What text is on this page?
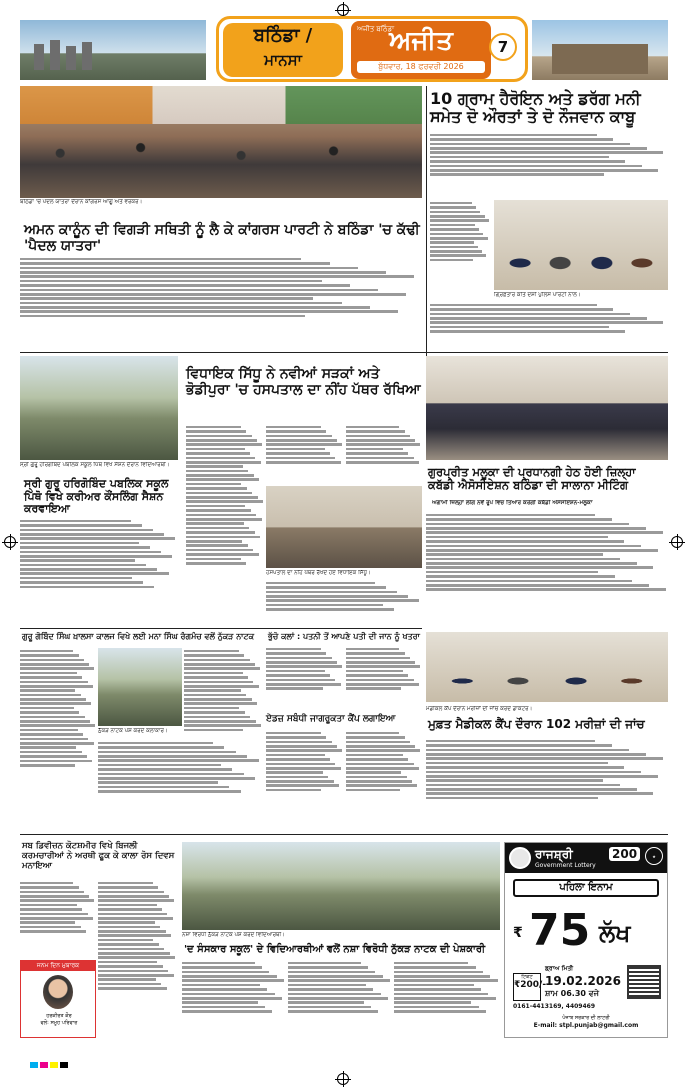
ਬਠਿੰਡਾ /
ਮਾਨਸਾ
ਅਜੀਤ ਬਠਿੰਡਾ
ਅਜੀਤ
ਬੁੱਧਵਾਰ, 18 ਫਰਵਰੀ 2026
7
ਬਠਿੰਡਾ 'ਚ ਪੈਦਲ ਯਾਤਰਾ ਦੌਰਾਨ ਕਾਂਗਰਸ ਆਗੂ ਅਤੇ ਵਰਕਰ।
10 ਗ੍ਰਾਮ ਹੈਰੋਇਨ ਅਤੇ ਡਰੱਗ ਮਨੀ
ਸਮੇਤ ਦੋ ਔਰਤਾਂ ਤੇ ਦੋ ਨੌਜਵਾਨ ਕਾਬੂ
ਗ੍ਰਿਫ਼ਤਾਰ ਕੀਤੇ ਦੋਸ਼ੀ ਪੁਲਿਸ ਪਾਰਟੀ ਨਾਲ।
ਅਮਨ ਕਾਨੂੰਨ ਦੀ ਵਿਗੜੀ ਸਥਿਤੀ ਨੂੰ ਲੈ ਕੇ ਕਾਂਗਰਸ ਪਾਰਟੀ ਨੇ ਬਠਿੰਡਾ 'ਚ ਕੱਢੀ 'ਪੈਦਲ ਯਾਤਰਾ'
ਸ੍ਰੀ ਗੁਰੂ ਹਰਿਗੋਬਿੰਦ ਪਬਲਿਕ ਸਕੂਲ ਪਿੱਥੋ ਵਿਖੇ ਸੈਸ਼ਨ ਦੌਰਾਨ ਵਿਦਿਆਰਥੀ।
ਸ੍ਰੀ ਗੁਰੂ ਹਰਿਗੋਬਿੰਦ ਪਬਲਿਕ ਸਕੂਲ ਪਿੱਥੋ ਵਿਖੇ ਕਰੀਅਰ ਕੌਂਸਲਿੰਗ ਸੈਸ਼ਨ ਕਰਵਾਇਆ
ਵਿਧਾਇਕ ਸਿੱਧੂ ਨੇ ਨਵੀਆਂ ਸੜਕਾਂ ਅਤੇ
ਭੋਡੀਪੁਰਾ 'ਚ ਹਸਪਤਾਲ ਦਾ ਨੀਂਹ ਪੱਥਰ ਰੱਖਿਆ
ਹਸਪਤਾਲ ਦਾ ਨੀਂਹ ਪੱਥਰ ਰੱਖਦੇ ਹੋਏ ਵਿਧਾਇਕ ਸਿੱਧੂ।
ਗੁਰਪ੍ਰੀਤ ਮਲੂਕਾ ਦੀ ਪ੍ਰਧਾਨਗੀ ਹੇਠ ਹੋਈ ਜ਼ਿਲ੍ਹਾ
ਕਬੱਡੀ ਐਸੋਸੀਏਸ਼ਨ ਬਠਿੰਡਾ ਦੀ ਸਾਲਾਨਾ ਮੀਟਿੰਗ
ਅਗਾਮੀ ਜ਼ਿਲ੍ਹਾ ਲੀਗ ਨਵੇਂ ਰੂਪ ਵਿਚ ਤਿਆਰ ਕਰੇਗੀ ਕਬੱਡੀ ਐਸੋਸੀਏਸ਼ਨ-ਮਲੂਕਾ
ਗੁਰੂ ਗੋਬਿੰਦ ਸਿੰਘ ਖ਼ਾਲਸਾ ਕਾਲਜ ਵਿਖੇ ਲਈ ਮਨਾ ਸਿੰਘ ਰੰਗਮੰਚ ਵਲੋਂ ਨੁੱਕੜ ਨਾਟਕ
ਨੁੱਕੜ ਨਾਟਕ ਪੇਸ਼ ਕਰਦੇ ਕਲਾਕਾਰ।
ਭੁੱਚੋ ਕਲਾਂ : ਪਤਨੀ ਤੋਂ ਆਪਣੇ ਪਤੀ ਦੀ ਜਾਨ ਨੂੰ ਖਤਰਾ
ਏਡਜ਼ ਸਬੰਧੀ ਜਾਗਰੂਕਤਾ ਕੈਂਪ ਲਗਾਇਆ
ਮੈਡੀਕਲ ਕੈਂਪ ਦੌਰਾਨ ਮਰੀਜ਼ਾਂ ਦੀ ਜਾਂਚ ਕਰਦੇ ਡਾਕਟਰ।
ਮੁਫ਼ਤ ਮੈਡੀਕਲ ਕੈਂਪ ਦੌਰਾਨ 102 ਮਰੀਜ਼ਾਂ ਦੀ ਜਾਂਚ
ਸਬ ਡਿਵੀਜ਼ਨ ਕੋਟਸ਼ਮੀਰ ਵਿਖੇ ਬਿਜਲੀ ਕਰਮਚਾਰੀਆਂ ਨੇ ਅਰਥੀ ਫੂਕ ਕੇ ਕਾਲਾ ਰੋਸ ਦਿਵਸ ਮਨਾਇਆ
ਜਨਮ ਦਿਨ ਮੁਬਾਰਕ
ਹਰਕੀਰਤ ਕੌਰ
ਵਲੋਂ: ਸਮੂਹ ਪਰਿਵਾਰ
ਨਸ਼ਾ ਵਿਰੋਧੀ ਨੁੱਕੜ ਨਾਟਕ ਪੇਸ਼ ਕਰਦੇ ਵਿਦਿਆਰਥੀ।
'ਦ ਸੰਸਕਾਰ ਸਕੂਲ' ਦੇ ਵਿਦਿਆਰਥੀਆਂ ਵਲੋਂ ਨਸ਼ਾ ਵਿਰੋਧੀ ਨੁੱਕੜ ਨਾਟਕ ਦੀ ਪੇਸ਼ਕਾਰੀ
ਰਾਜਸ਼੍ਰੀ	200
Government Lottery
★
ਪਹਿਲਾ ਇਨਾਮ
₹ 75 ਲੱਖ
ਟਿਕਟ
₹200/-
ਡ੍ਰਾਅ ਮਿਤੀ
19.02.2026
ਸ਼ਾਮ 06.30 ਵਜੇ
0161-4413169, 4409469
ਪੰਜਾਬ ਸਰਕਾਰ ਦੀ ਲਾਟਰੀ
E-mail: stpl.punjab@gmail.com
